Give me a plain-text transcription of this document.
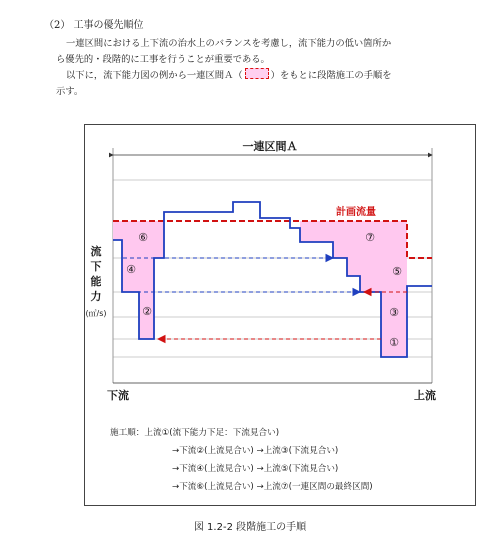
（2） 工事の優先順位
一連区間における上下流の治水上のバランスを考慮し，流下能力の低い箇所か
ら優先的・段階的に工事を行うことが重要である。
以下に，流下能力図の例から一連区間Ａ（	）をもとに段階施工の手順を
示す。
一連区間Ａ
計画流量
⑥
④
②
⑦
⑤
③
①
流
下
能
力
(㎥/s)
下流	上流
施工順：上流①(流下能力下足：下流見合い)
→下流②(上流見合い) →上流③(下流見合い)
→下流④(上流見合い) →上流⑤(下流見合い)
→下流⑥(上流見合い) →上流⑦(一連区間の最終区間)
図 1.2-2 段階施工の手順
